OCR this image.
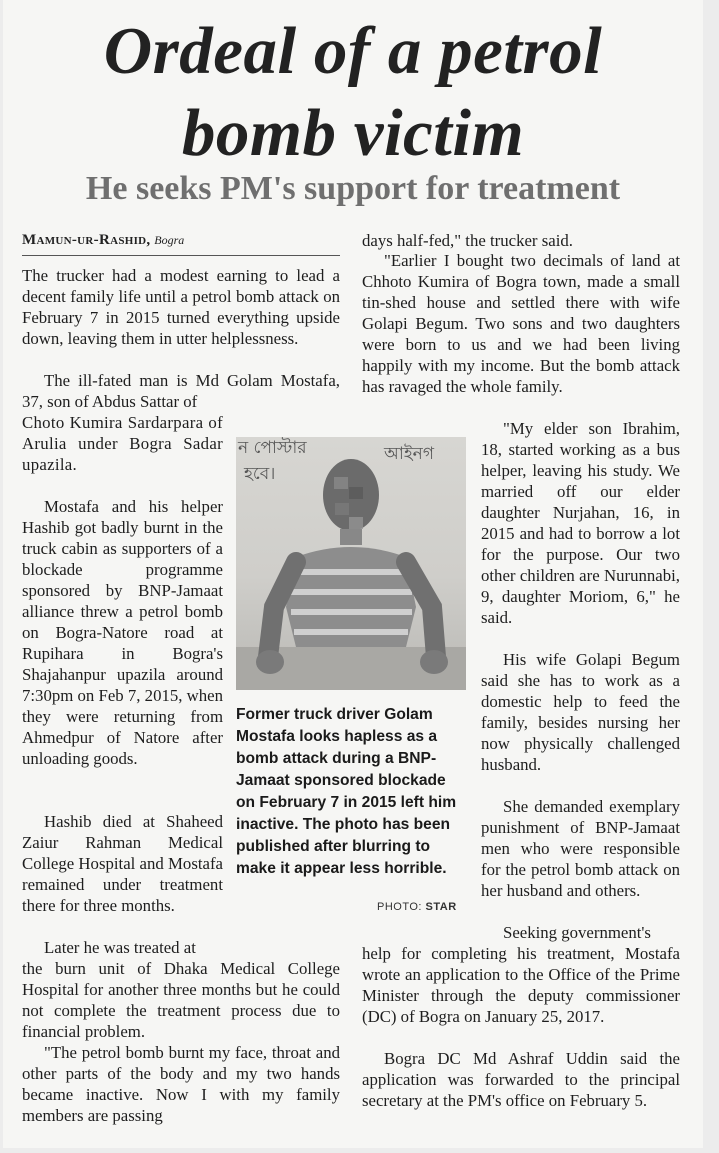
Ordeal of a petrol
bomb victim
He seeks PM's support for treatment
Mamun-ur-Rashid, Bogra

The trucker had a modest earning to lead a decent family life until a petrol bomb attack on February 7 in 2015 turned everything upside down, leaving them in utter helplessness.

The ill-fated man is Md Golam Mostafa, 37, son of Abdus Sattar of

Choto Kumira Sardarpara of Arulia under Bogra Sadar upazila.

Mostafa and his helper Hashib got badly burnt in the truck cabin as supporters of a blockade programme sponsored by BNP-Jamaat alliance threw a petrol bomb on Bogra-Natore road at Rupihara in Bogra's Shajahanpur upazila around 7:30pm on Feb 7, 2015, when they were returning from Ahmedpur of Natore after unloading goods.

Hashib died at Shaheed Zaiur Rahman Medical College Hospital and Mostafa remained under treatment there for three months.

Later he was treated at

the burn unit of Dhaka Medical College Hospital for another three months but he could not complete the treatment process due to financial problem.

"The petrol bomb burnt my face, throat and other parts of the body and my two hands became inactive. Now I with my family members are passing

ন পোস্টার	আইনগ
হবে।

Former truck driver Golam Mostafa looks hapless as a bomb attack during a BNP-Jamaat sponsored blockade on February 7 in 2015 left him inactive. The photo has been published after blurring to make it appear less horrible.

PHOTO: STAR

days half-fed," the trucker said.

"Earlier I bought two decimals of land at Chhoto Kumira of Bogra town, made a small tin-shed house and settled there with wife Golapi Begum. Two sons and two daughters were born to us and we had been living happily with my income. But the bomb attack has ravaged the whole family.

"My elder son Ibrahim, 18, started working as a bus helper, leaving his study. We married off our elder daughter Nurjahan, 16, in 2015 and had to borrow a lot for the purpose. Our two other children are Nurunnabi, 9, daughter Moriom, 6," he said.

His wife Golapi Begum said she has to work as a domestic help to feed the family, besides nursing her now physically challenged husband.

She demanded exemplary punishment of BNP-Jamaat men who were responsible for the petrol bomb attack on her husband and others.

Seeking government's

help for completing his treatment, Mostafa wrote an application to the Office of the Prime Minister through the deputy commissioner (DC) of Bogra on January 25, 2017.

Bogra DC Md Ashraf Uddin said the application was forwarded to the principal secretary at the PM's office on February 5.
